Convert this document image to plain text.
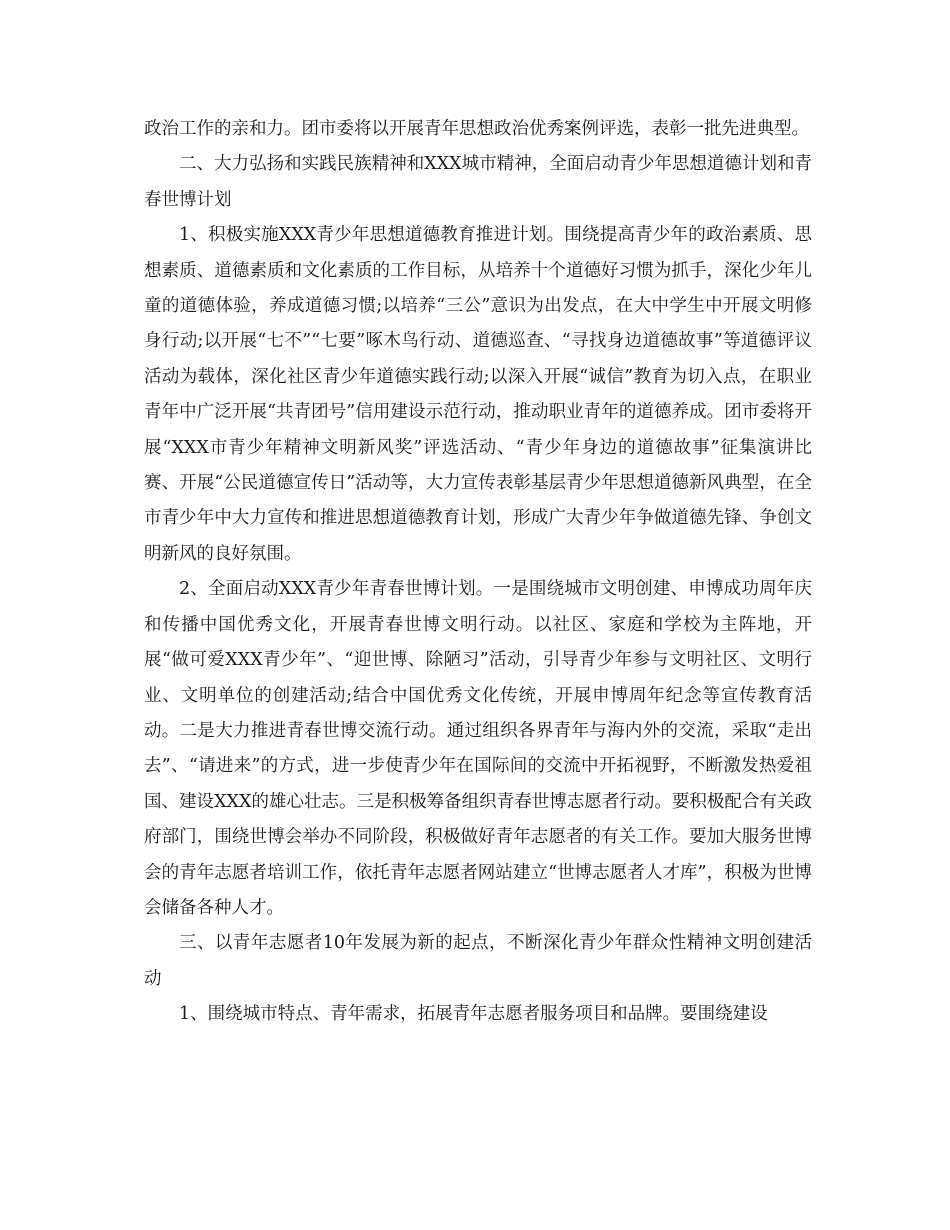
政治工作的亲和力。团市委将以开展青年思想政治优秀案例评选，表彰一批先进典型。

二、大力弘扬和实践民族精神和XXX城市精神，全面启动青少年思想道德计划和青春世博计划

1、积极实施XXX青少年思想道德教育推进计划。围绕提高青少年的政治素质、思想素质、道德素质和文化素质的工作目标，从培养十个道德好习惯为抓手，深化少年儿童的道德体验，养成道德习惯;以培养“三公”意识为出发点，在大中学生中开展文明修身行动;以开展“七不”“七要”啄木鸟行动、道德巡查、“寻找身边道德故事”等道德评议活动为载体，深化社区青少年道德实践行动;以深入开展“诚信”教育为切入点，在职业青年中广泛开展“共青团号”信用建设示范行动，推动职业青年的道德养成。团市委将开展“XXX市青少年精神文明新风奖”评选活动、“青少年身边的道德故事”征集演讲比赛、开展“公民道德宣传日”活动等，大力宣传表彰基层青少年思想道德新风典型，在全市青少年中大力宣传和推进思想道德教育计划，形成广大青少年争做道德先锋、争创文明新风的良好氛围。

2、全面启动XXX青少年青春世博计划。一是围绕城市文明创建、申博成功周年庆和传播中国优秀文化，开展青春世博文明行动。以社区、家庭和学校为主阵地，开展“做可爱XXX青少年”、“迎世博、除陋习”活动，引导青少年参与文明社区、文明行业、文明单位的创建活动;结合中国优秀文化传统，开展申博周年纪念等宣传教育活动。二是大力推进青春世博交流行动。通过组织各界青年与海内外的交流，采取“走出去”、“请进来”的方式，进一步使青少年在国际间的交流中开拓视野，不断激发热爱祖国、建设XXX的雄心壮志。三是积极筹备组织青春世博志愿者行动。要积极配合有关政府部门，围绕世博会举办不同阶段，积极做好青年志愿者的有关工作。要加大服务世博会的青年志愿者培训工作，依托青年志愿者网站建立“世博志愿者人才库”，积极为世博会储备各种人才。

三、以青年志愿者10年发展为新的起点，不断深化青少年群众性精神文明创建活动

1、围绕城市特点、青年需求，拓展青年志愿者服务项目和品牌。要围绕建设
